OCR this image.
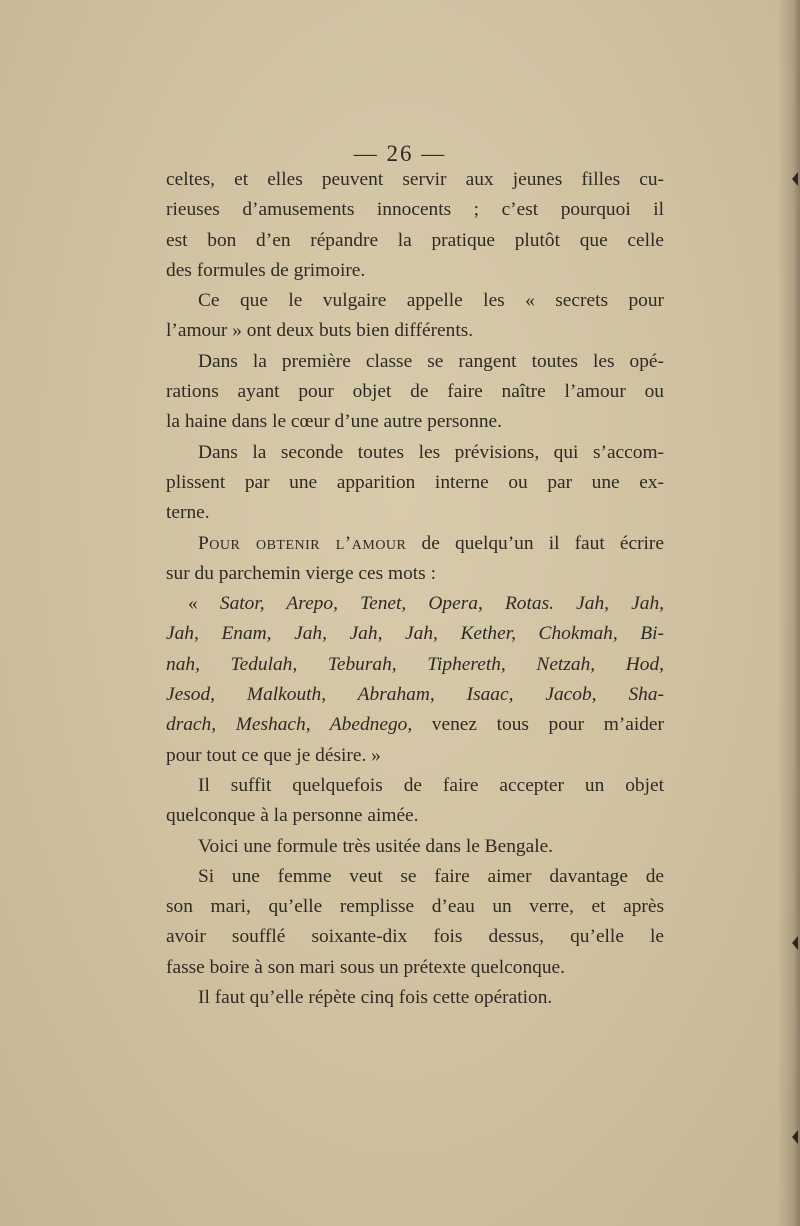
— 26 —
celtes, et elles peuvent servir aux jeunes filles cu-
rieuses d’amusements innocents ; c’est pourquoi il
est bon d’en répandre la pratique plutôt que celle
des formules de grimoire.
Ce que le vulgaire appelle les « secrets pour
l’amour » ont deux buts bien différents.
Dans la première classe se rangent toutes les opé-
rations ayant pour objet de faire naître l’amour ou
la haine dans le cœur d’une autre personne.
Dans la seconde toutes les prévisions, qui s’accom-
plissent par une apparition interne ou par une ex-
terne.
Pour obtenir l’amour de quelqu’un il faut écrire
sur du parchemin vierge ces mots :
« Sator, Arepo, Tenet, Opera, Rotas. Jah, Jah,
Jah, Enam, Jah, Jah, Jah, Kether, Chokmah, Bi-
nah, Tedulah, Teburah, Tiphereth, Netzah, Hod,
Jesod, Malkouth, Abraham, Isaac, Jacob, Sha-
drach, Meshach, Abednego, venez tous pour m’aider
pour tout ce que je désire. »
Il suffit quelquefois de faire accepter un objet
quelconque à la personne aimée.
Voici une formule très usitée dans le Bengale.
Si une femme veut se faire aimer davantage de
son mari, qu’elle remplisse d’eau un verre, et après
avoir soufflé soixante-dix fois dessus, qu’elle le
fasse boire à son mari sous un prétexte quelconque.
Il faut qu’elle répète cinq fois cette opération.
